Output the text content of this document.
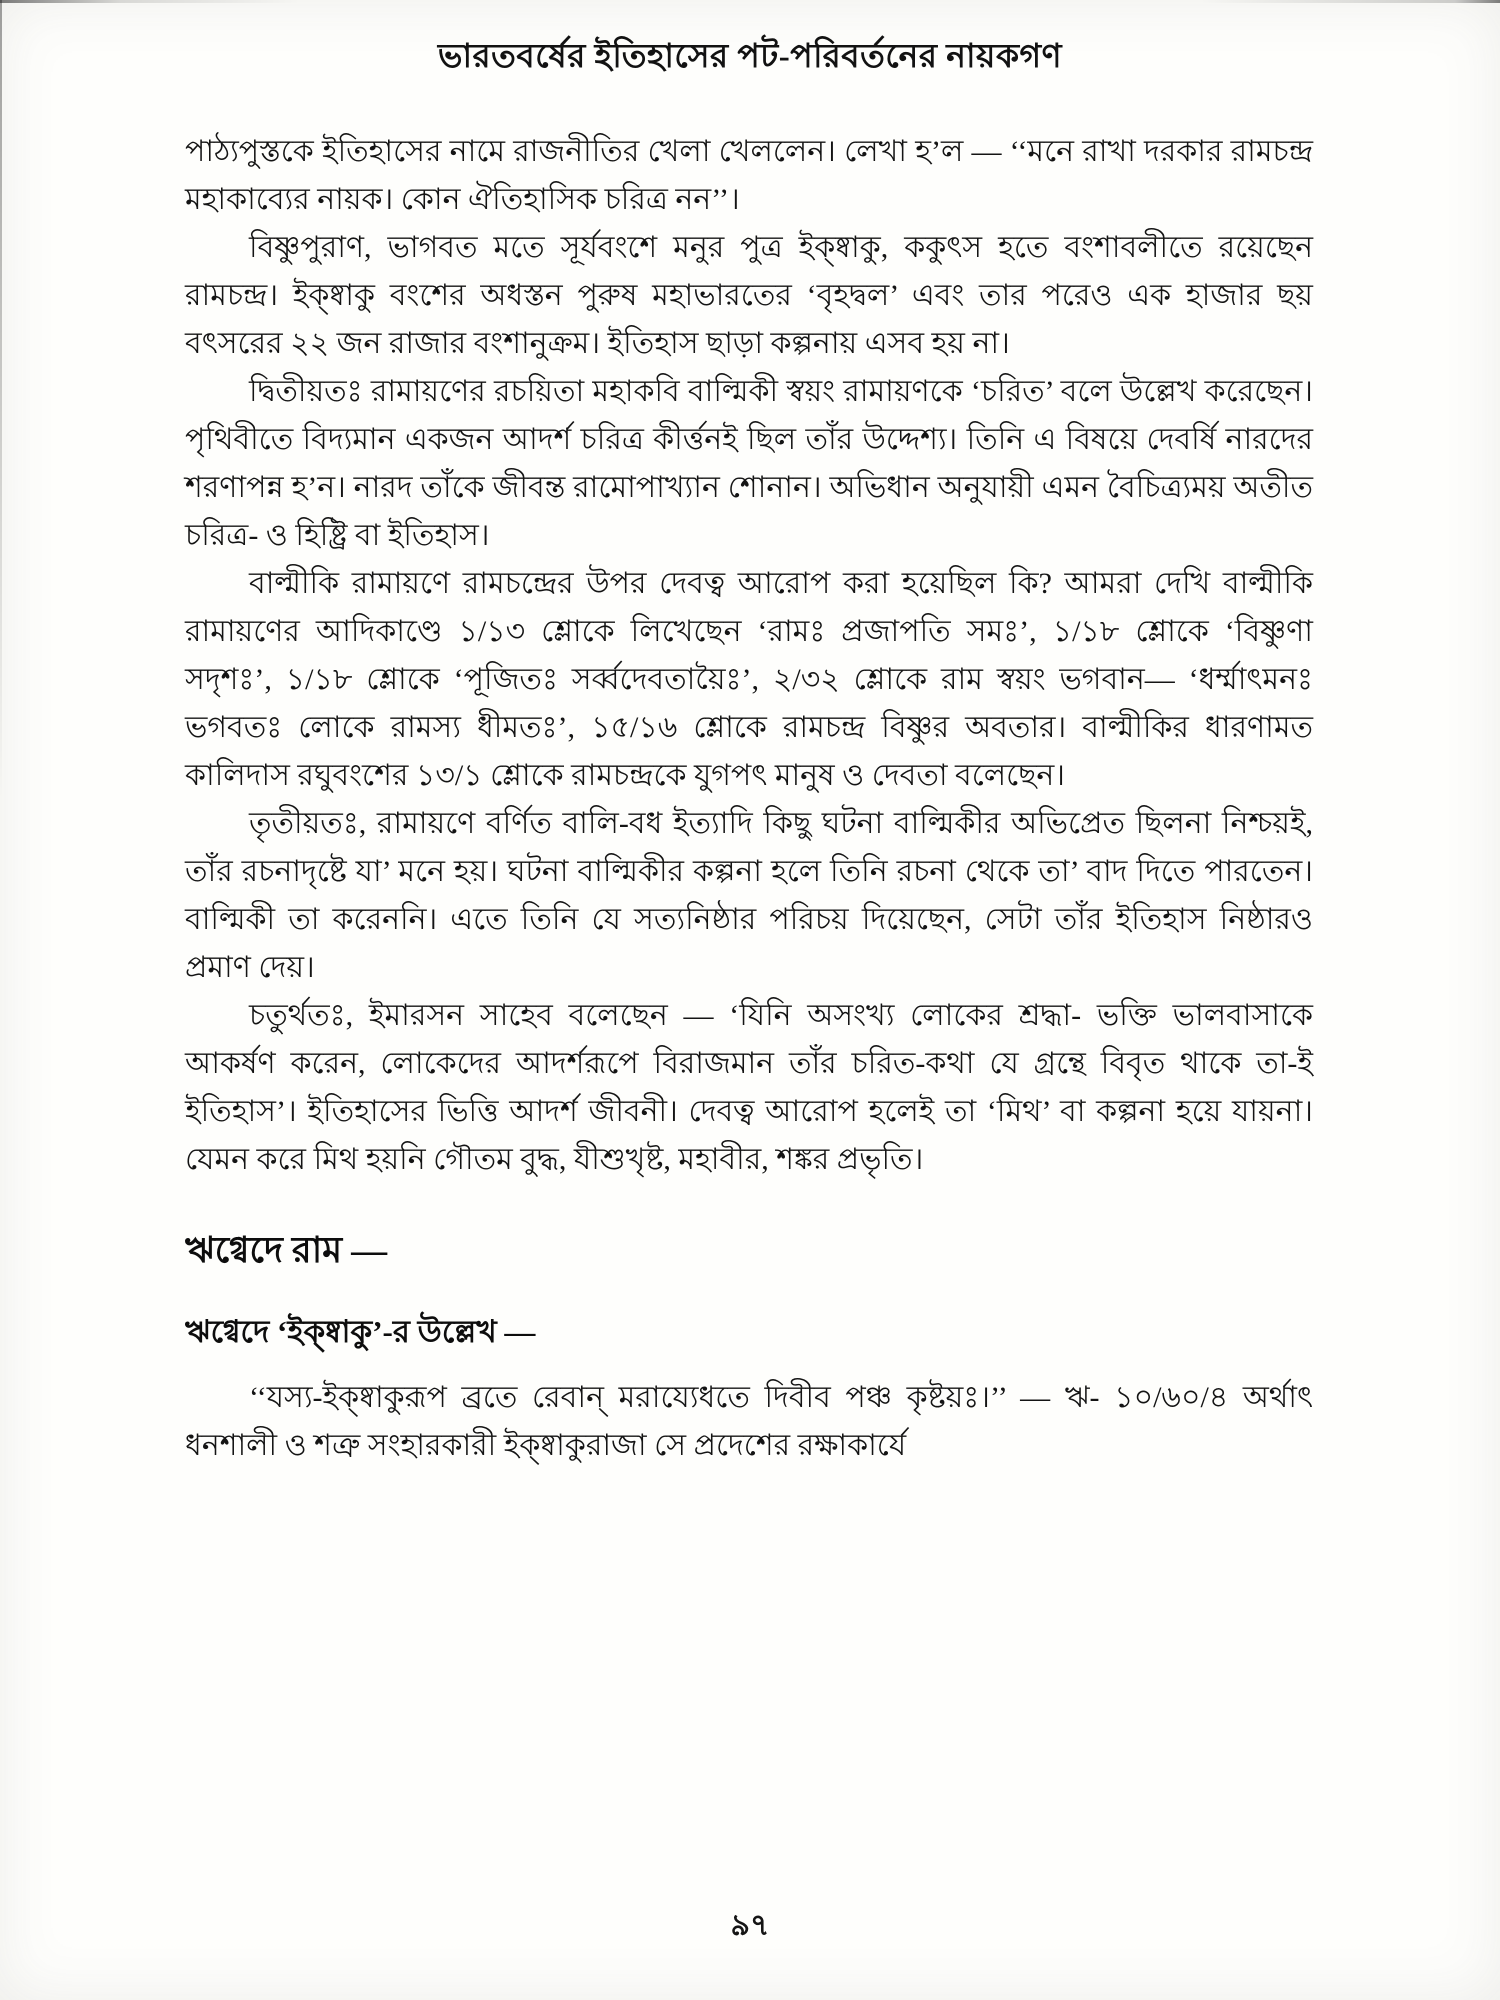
ভারতবর্ষের ইতিহাসের পট-পরিবর্তনের নায়কগণ

পাঠ্যপুস্তকে ইতিহাসের নামে রাজনীতির খেলা খেললেন। লেখা হ’ল — ‘‘মনে রাখা দরকার রামচন্দ্র মহাকাব্যের নায়ক। কোন ঐতিহাসিক চরিত্র নন’’।

বিষ্ণুপুরাণ, ভাগবত মতে সূর্যবংশে মনুর পুত্র ইক্ষ্বাকু, ককুৎস হতে বংশাবলীতে রয়েছেন রামচন্দ্র। ইক্ষ্বাকু বংশের অধস্তন পুরুষ মহাভারতের ‘বৃহদ্বল’ এবং তার পরেও এক হাজার ছয় বৎসরের ২২ জন রাজার বংশানুক্রম। ইতিহাস ছাড়া কল্পনায় এসব হয় না।

দ্বিতীয়তঃ রামায়ণের রচয়িতা মহাকবি বাল্মিকী স্বয়ং রামায়ণকে ‘চরিত’ বলে উল্লেখ করেছেন। পৃথিবীতে বিদ্যমান একজন আদর্শ চরিত্র কীর্ত্তনই ছিল তাঁর উদ্দেশ্য। তিনি এ বিষয়ে দেবর্ষি নারদের শরণাপন্ন হ’ন। নারদ তাঁকে জীবন্ত রামোপাখ্যান শোনান। অভিধান অনুযায়ী এমন বৈচিত্র্যময় অতীত চরিত্র- ও হিষ্ট্রি বা ইতিহাস।

বাল্মীকি রামায়ণে রামচন্দ্রের উপর দেবত্ব আরোপ করা হয়েছিল কি? আমরা দেখি বাল্মীকি রামায়ণের আদিকাণ্ডে ১/১৩ শ্লোকে লিখেছেন ‘রামঃ প্রজাপতি সমঃ’, ১/১৮ শ্লোকে ‘বিষ্ণুণা সদৃশঃ’, ১/১৮ শ্লোকে ‘পূজিতঃ সর্ব্বদেবতায়ৈঃ’, ২/৩২ শ্লোকে রাম স্বয়ং ভগবান— ‘ধর্ম্মাৎমনঃ ভগবতঃ লোকে রামস্য ধীমতঃ’, ১৫/১৬ শ্লোকে রামচন্দ্র বিষ্ণুর অবতার। বাল্মীকির ধারণামত কালিদাস রঘুবংশের ১৩/১ শ্লোকে রামচন্দ্রকে যুগপৎ মানুষ ও দেবতা বলেছেন।

তৃতীয়তঃ, রামায়ণে বর্ণিত বালি-বধ ইত্যাদি কিছু ঘটনা বাল্মিকীর অভিপ্রেত ছিলনা নিশ্চয়ই, তাঁর রচনাদৃষ্টে যা’ মনে হয়। ঘটনা বাল্মিকীর কল্পনা হলে তিনি রচনা থেকে তা’ বাদ দিতে পারতেন। বাল্মিকী তা করেননি। এতে তিনি যে সত্যনিষ্ঠার পরিচয় দিয়েছেন, সেটা তাঁর ইতিহাস নিষ্ঠারও প্রমাণ দেয়।

চতুর্থতঃ, ইমারসন সাহেব বলেছেন — ‘যিনি অসংখ্য লোকের শ্রদ্ধা- ভক্তি ভালবাসাকে আকর্ষণ করেন, লোকেদের আদর্শরূপে বিরাজমান তাঁর চরিত-কথা যে গ্রন্থে বিবৃত থাকে তা-ই ইতিহাস’। ইতিহাসের ভিত্তি আদর্শ জীবনী। দেবত্ব আরোপ হলেই তা ‘মিথ’ বা কল্পনা হয়ে যায়না। যেমন করে মিথ হয়নি গৌতম বুদ্ধ, যীশুখৃষ্ট, মহাবীর, শঙ্কর প্রভৃতি।

ঋগ্বেদে রাম —
ঋগ্বেদে ‘ইক্ষ্বাকু’-র উল্লেখ —

‘‘যস্য-ইক্ষ্বাকুরূপ ব্রতে রেবান্ মরায্যেধতে দিবীব পঞ্চ কৃষ্টয়ঃ।’’ — ঋ- ১০/৬০/৪ অর্থাৎ ধনশালী ও শত্রু সংহারকারী ইক্ষ্বাকুরাজা সে প্রদেশের রক্ষাকার্যে

৯৭
